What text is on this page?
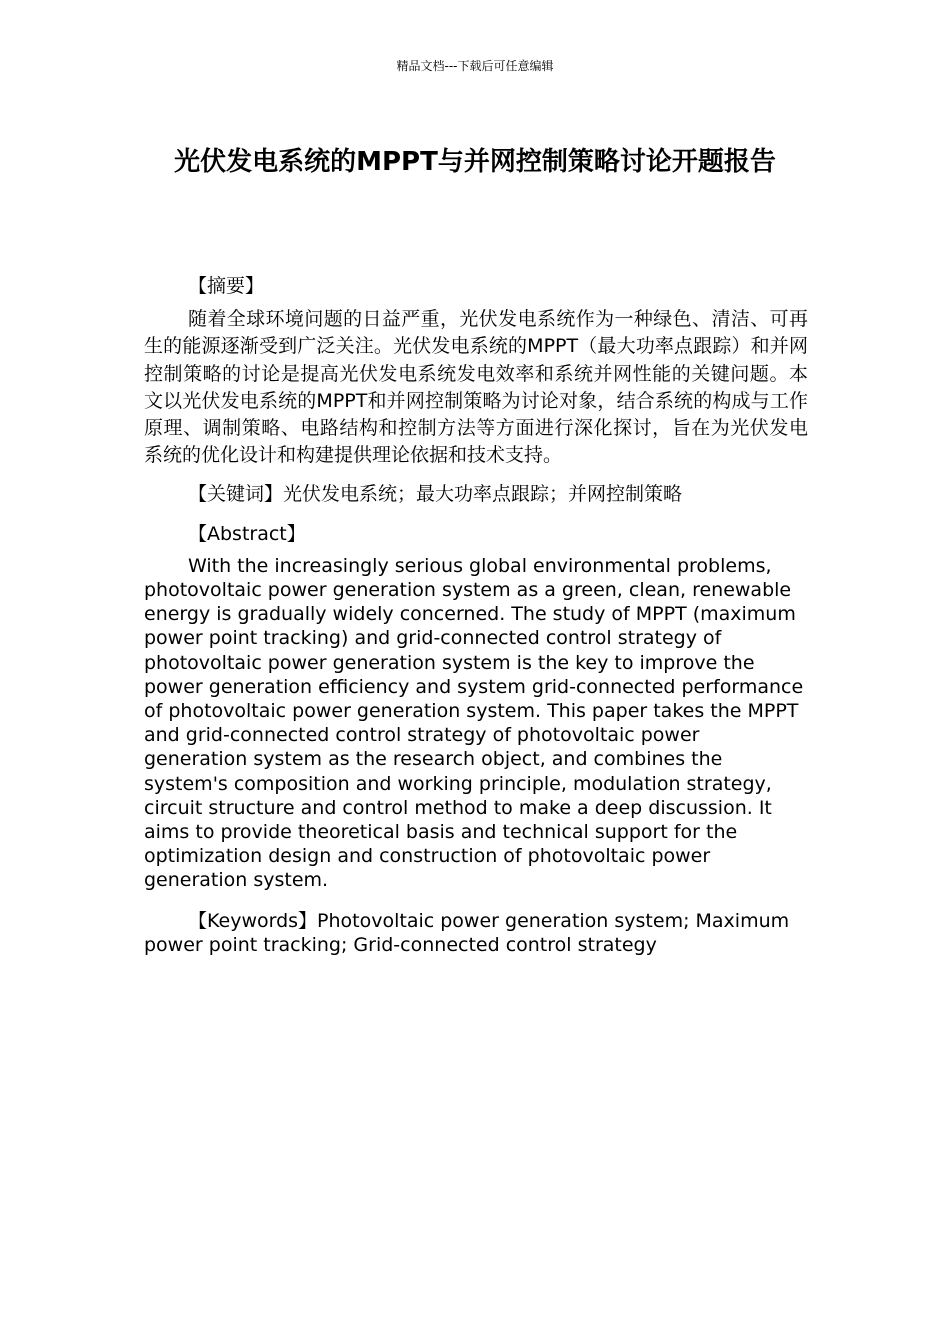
精品文档---下载后可任意编辑
光伏发电系统的MPPT与并网控制策略讨论开题报告

【摘要】

随着全球环境问题的日益严重，光伏发电系统作为一种绿色、清洁、可再生的能源逐渐受到广泛关注。光伏发电系统的MPPT（最大功率点跟踪）和并网控制策略的讨论是提高光伏发电系统发电效率和系统并网性能的关键问题。本文以光伏发电系统的MPPT和并网控制策略为讨论对象，结合系统的构成与工作原理、调制策略、电路结构和控制方法等方面进行深化探讨，旨在为光伏发电系统的优化设计和构建提供理论依据和技术支持。

【关键词】光伏发电系统；最大功率点跟踪；并网控制策略

【Abstract】

With the increasingly serious global environmental problems, photovoltaic power generation system as a green, clean, renewable energy is gradually widely concerned. The study of MPPT (maximum power point tracking) and grid-connected control strategy of photovoltaic power generation system is the key to improve the power generation efficiency and system grid-connected performance of photovoltaic power generation system. This paper takes the MPPT and grid-connected control strategy of photovoltaic power generation system as the research object, and combines the system's composition and working principle, modulation strategy, circuit structure and control method to make a deep discussion. It aims to provide theoretical basis and technical support for the optimization design and construction of photovoltaic power generation system.

【Keywords】Photovoltaic power generation system; Maximum power point tracking; Grid-connected control strategy
